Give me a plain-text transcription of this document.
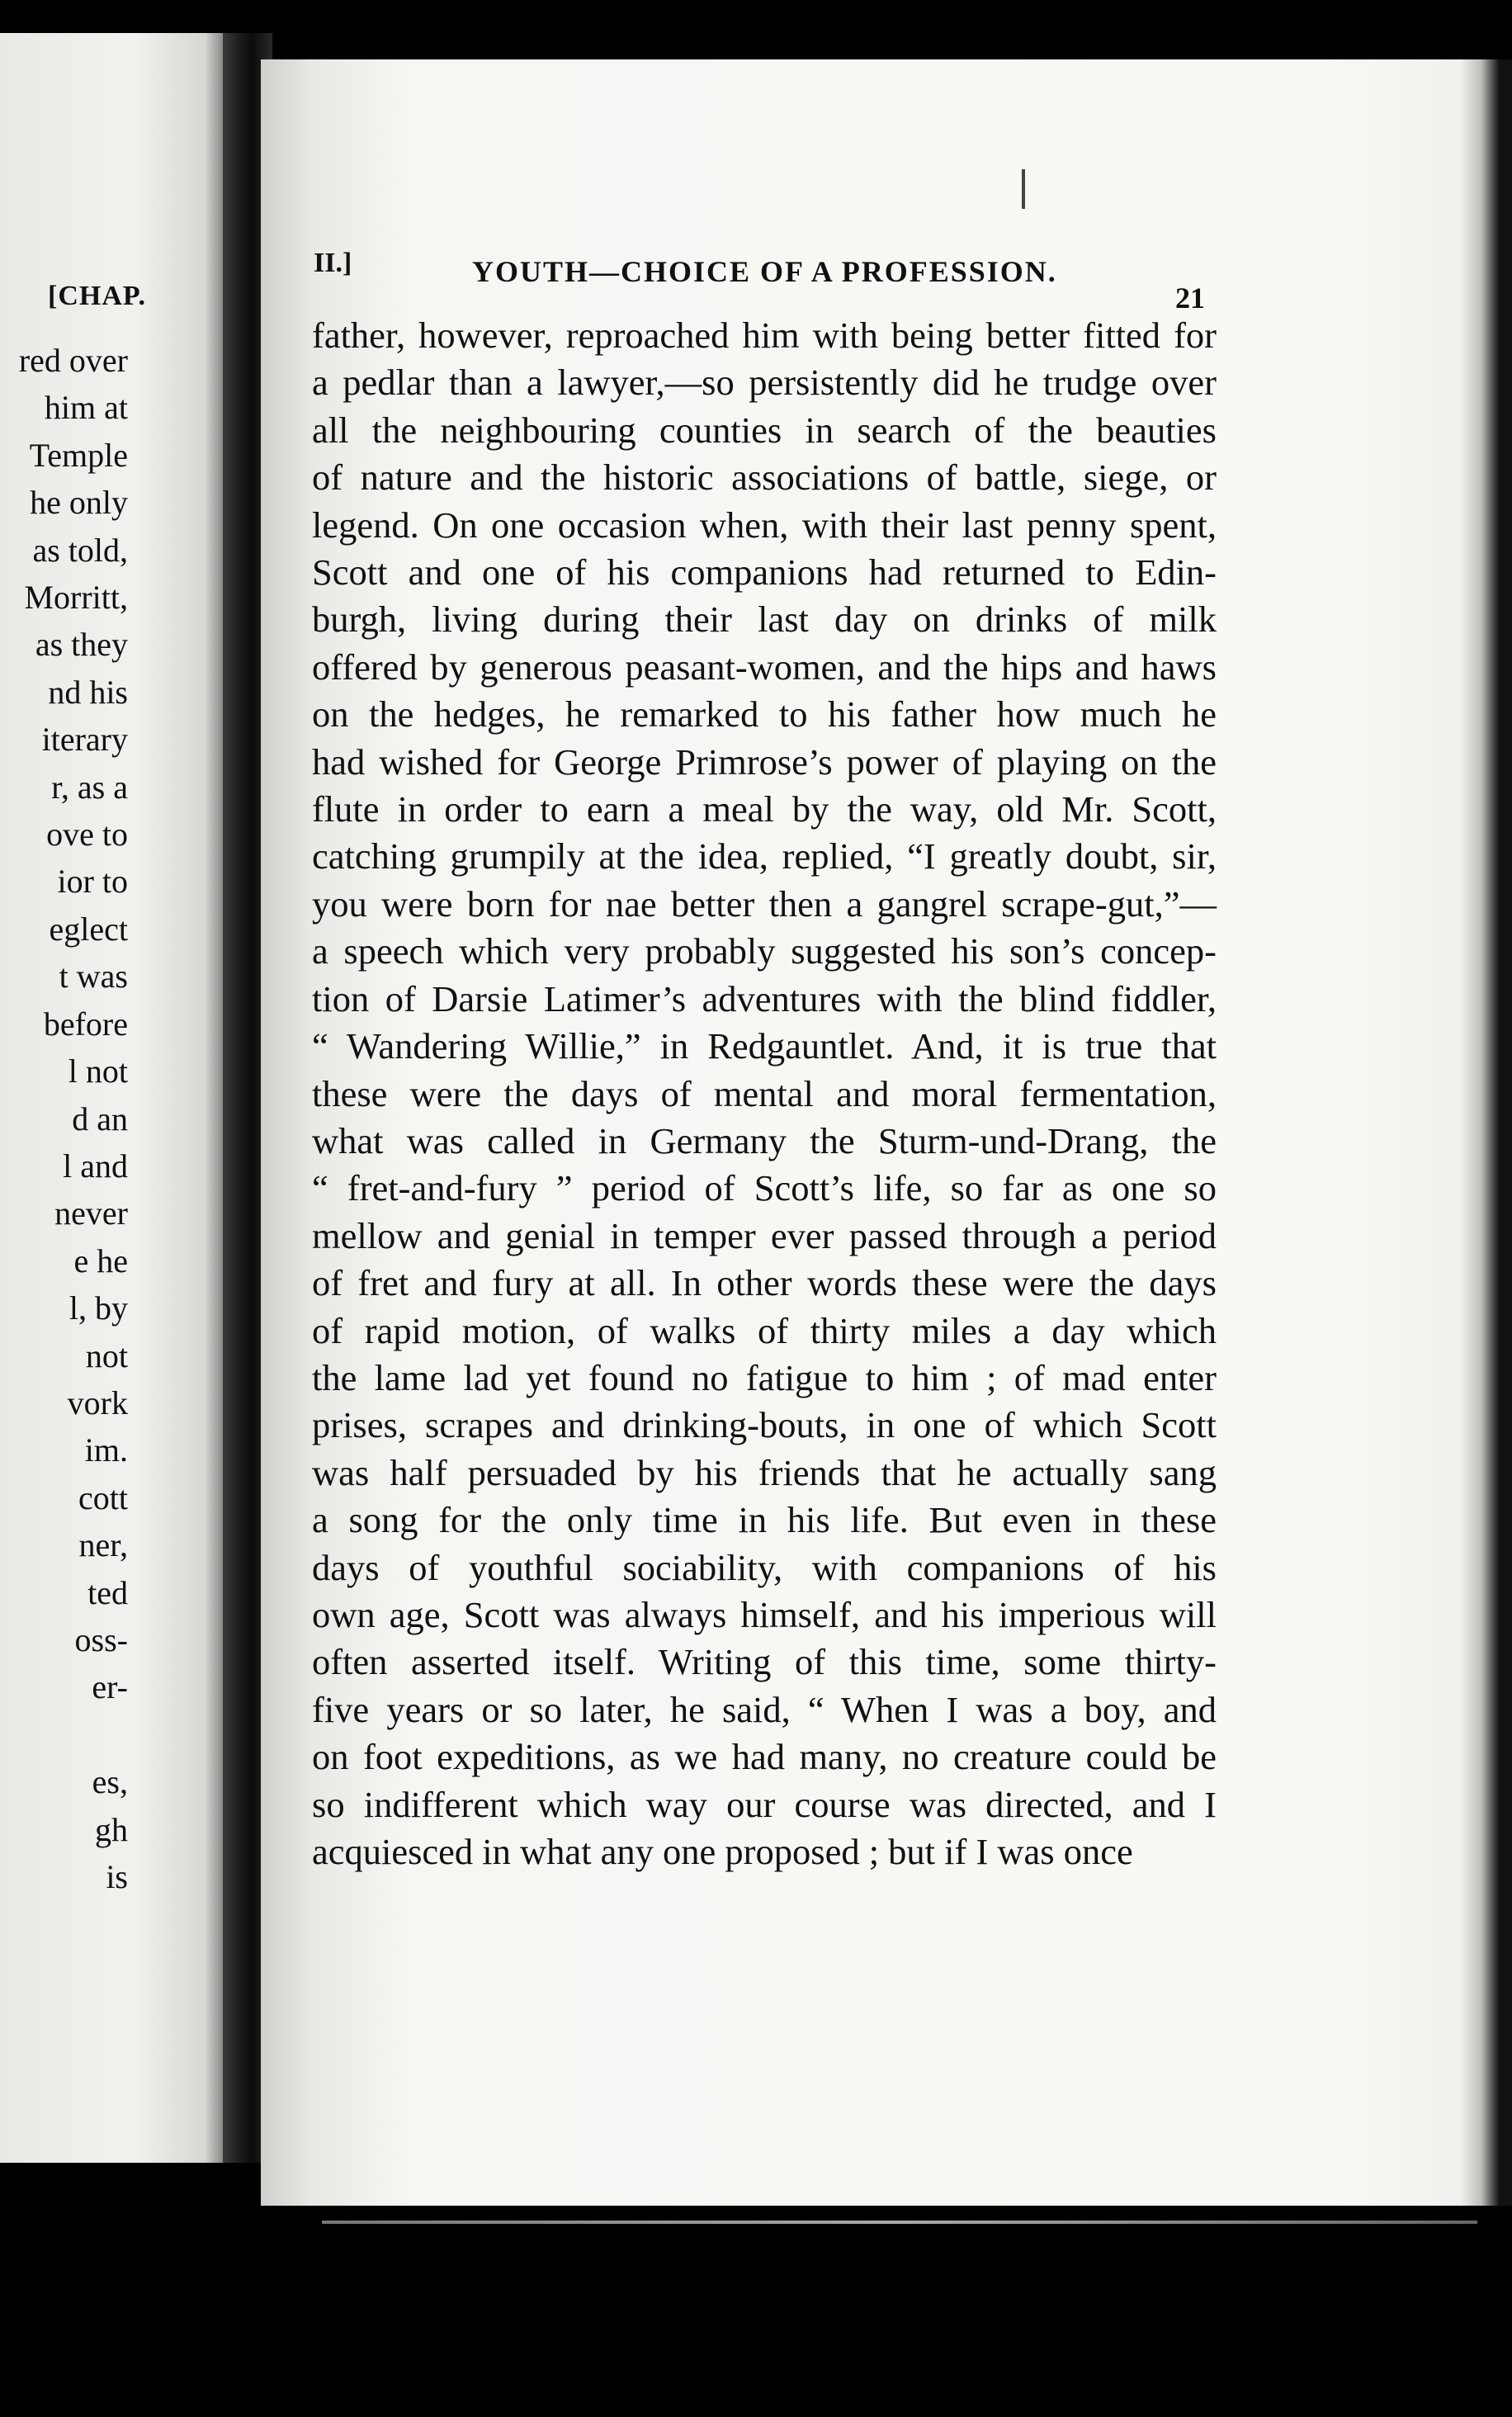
[CHAP.
red over
him at
Temple
he only
as told,
Morritt,
as they
nd his
iterary
r, as a
ove to
ior to
eglect
t was
before
l not
d an
l and
never
e he
l, by
not
vork
im.
cott
ner,
ted
oss-
er-
es,
gh
is
II.]	YOUTH—CHOICE OF A PROFESSION.
21
father, however, reproached him with being better fitted for
a pedlar than a lawyer,—so persistently did he trudge over
all the neighbouring counties in search of the beauties
of nature and the historic associations of battle, siege, or
legend. On one occasion when, with their last penny spent,
Scott and one of his companions had returned to Edin-
burgh, living during their last day on drinks of milk
offered by generous peasant-women, and the hips and haws
on the hedges, he remarked to his father how much he
had wished for George Primrose’s power of playing on the
flute in order to earn a meal by the way, old Mr. Scott,
catching grumpily at the idea, replied, “I greatly doubt, sir,
you were born for nae better then a gangrel scrape-gut,”—
a speech which very probably suggested his son’s concep-
tion of Darsie Latimer’s adventures with the blind fiddler,
“ Wandering Willie,” in Redgauntlet. And, it is true that
these were the days of mental and moral fermentation,
what was called in Germany the Sturm-und-Drang, the
“ fret-and-fury ” period of Scott’s life, so far as one so
mellow and genial in temper ever passed through a period
of fret and fury at all. In other words these were the days
of rapid motion, of walks of thirty miles a day which
the lame lad yet found no fatigue to him ; of mad enter
prises, scrapes and drinking-bouts, in one of which Scott
was half persuaded by his friends that he actually sang
a song for the only time in his life. But even in these
days of youthful sociability, with companions of his
own age, Scott was always himself, and his imperious will
often asserted itself. Writing of this time, some thirty-
five years or so later, he said, “ When I was a boy, and
on foot expeditions, as we had many, no creature could be
so indifferent which way our course was directed, and I
acquiesced in what any one proposed ; but if I was once
